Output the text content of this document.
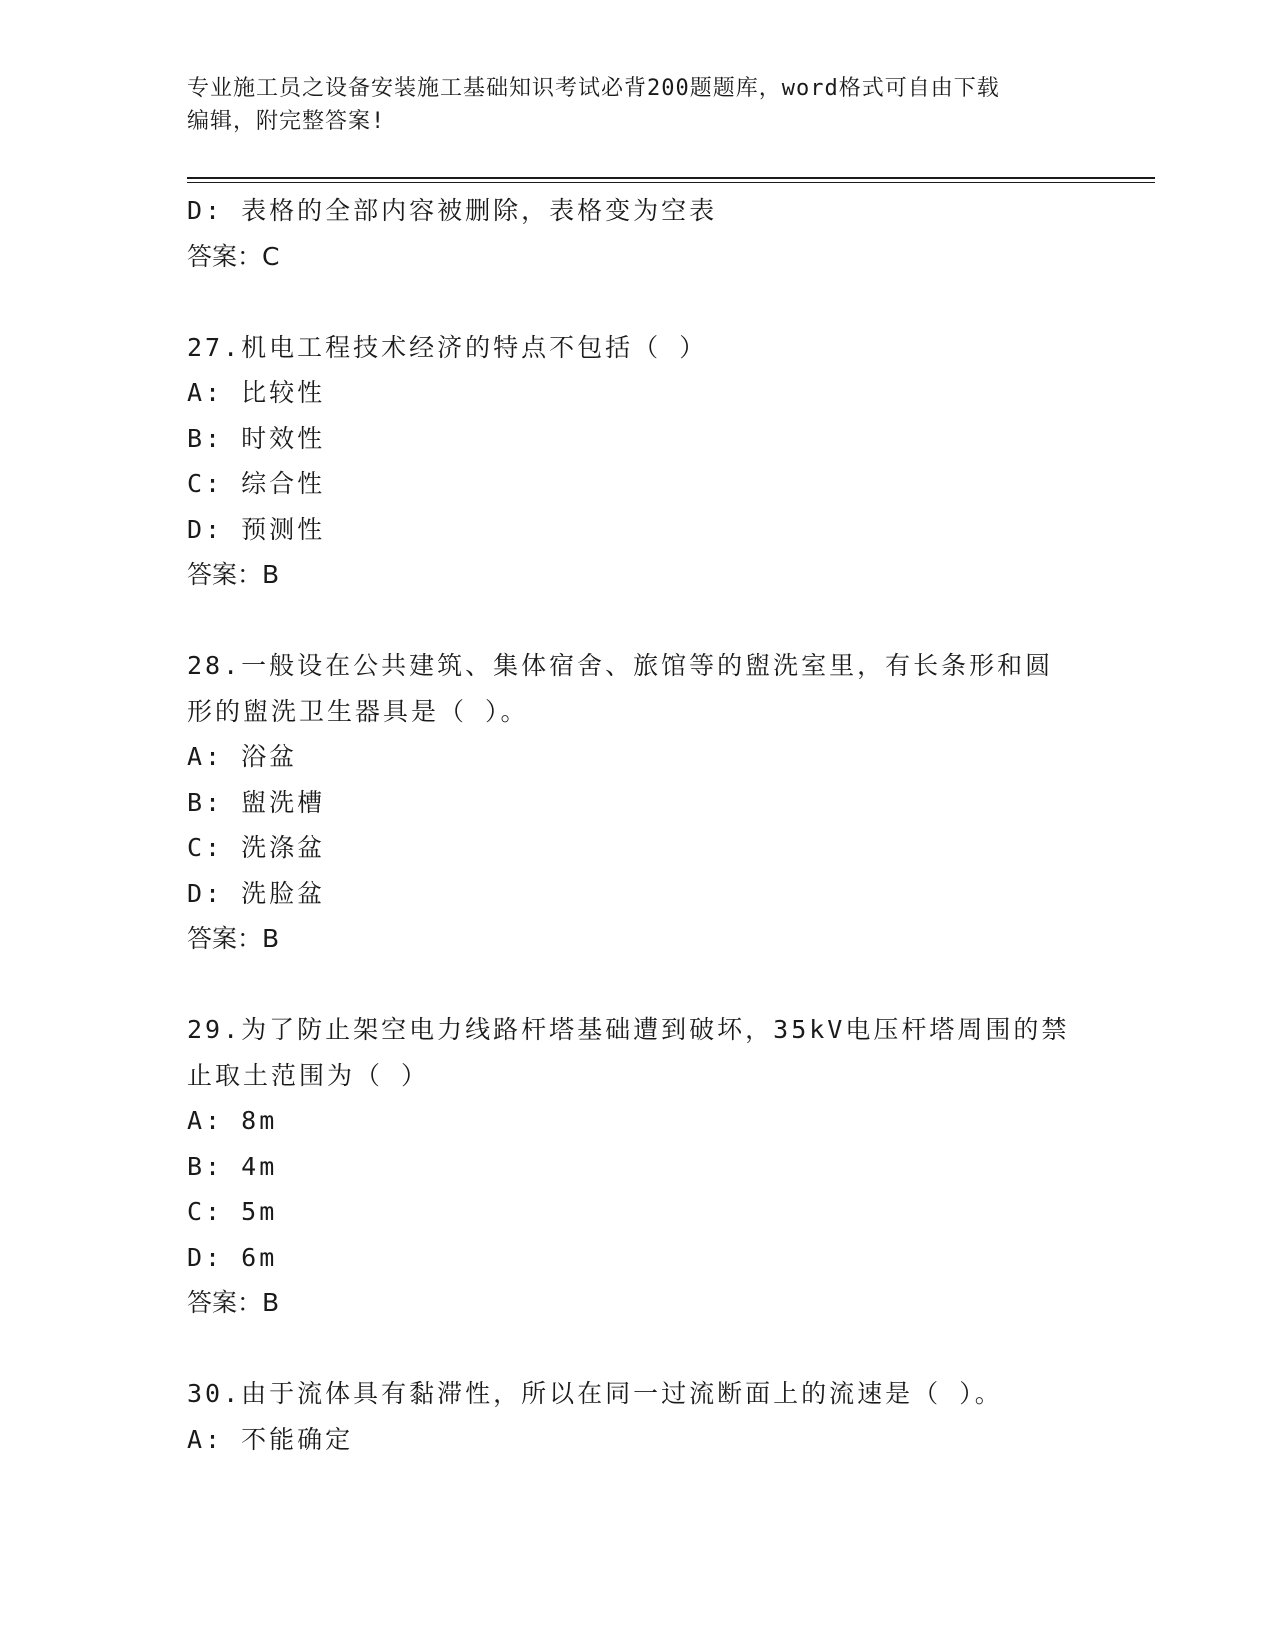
专业施工员之设备安装施工基础知识考试必背200题题库，word格式可自由下载
编辑，附完整答案!
D: 表格的全部内容被删除，表格变为空表
答案：C
27.机电工程技术经济的特点不包括（ ）
A: 比较性
B: 时效性
C: 综合性
D: 预测性
答案：B
28.一般设在公共建筑、集体宿舍、旅馆等的盥洗室里，有长条形和圆
形的盥洗卫生器具是（ ）。
A: 浴盆
B: 盥洗槽
C: 洗涤盆
D: 洗脸盆
答案：B
29.为了防止架空电力线路杆塔基础遭到破坏，35kV电压杆塔周围的禁
止取土范围为（ ）
A: 8m
B: 4m
C: 5m
D: 6m
答案：B
30.由于流体具有黏滞性，所以在同一过流断面上的流速是（ ）。
A: 不能确定
